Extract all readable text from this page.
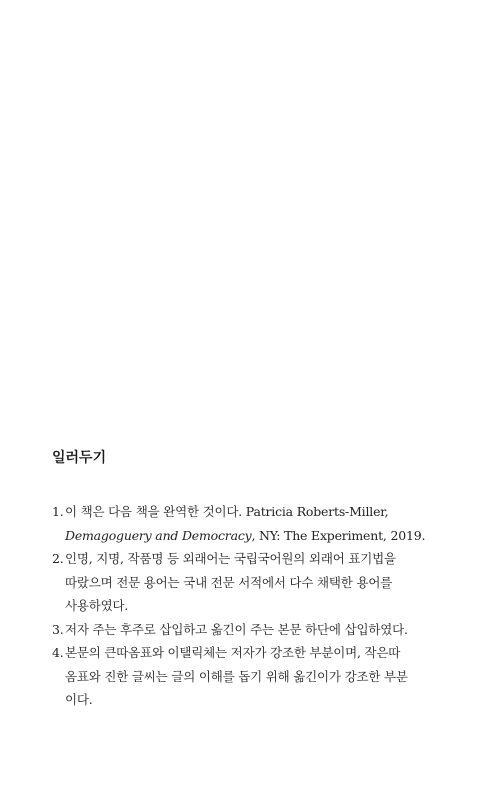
일러두기
1. 이 책은 다음 책을 완역한 것이다. Patricia Roberts-Miller,
Demagoguery and Democracy, NY: The Experiment, 2019.
2. 인명, 지명, 작품명 등 외래어는 국립국어원의 외래어 표기법을
따랐으며 전문 용어는 국내 전문 서적에서 다수 채택한 용어를
사용하였다.
3. 저자 주는 후주로 삽입하고 옮긴이 주는 본문 하단에 삽입하였다.
4. 본문의 큰따옴표와 이탤릭체는 저자가 강조한 부분이며, 작은따
옴표와 진한 글씨는 글의 이해를 돕기 위해 옮긴이가 강조한 부분
이다.
